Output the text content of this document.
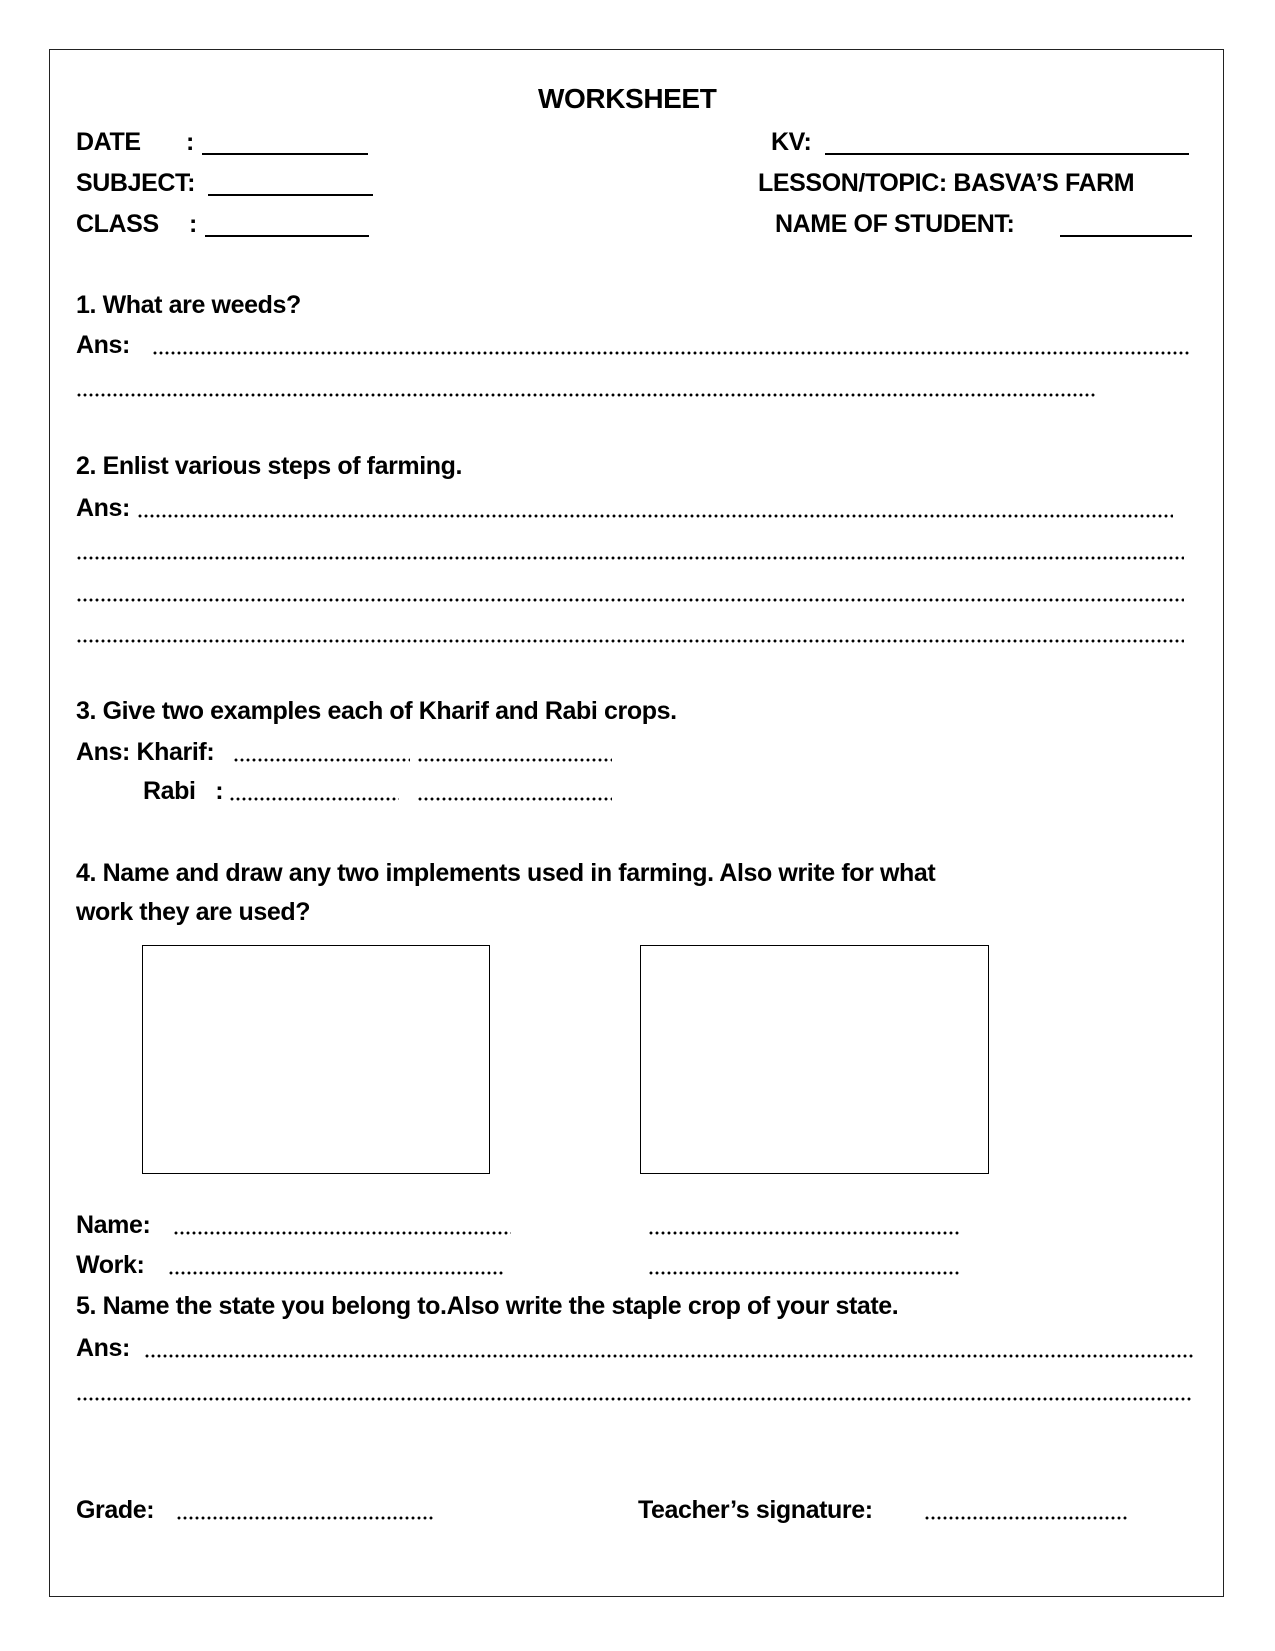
WORKSHEET
DATE :
SUBJECT:
CLASS :
KV:
LESSON/TOPIC: BASVA’S FARM
NAME OF STUDENT:
1. What are weeds?
Ans:
2. Enlist various steps of farming.
Ans:
3. Give two examples each of Kharif and Rabi crops.
Ans: Kharif:
Rabi   :
4. Name and draw any two implements used in farming. Also write for what
work they are used?
Name:
Work:
5. Name the state you belong to.Also write the staple crop of your state.
Ans:
Grade:	Teacher’s signature:
